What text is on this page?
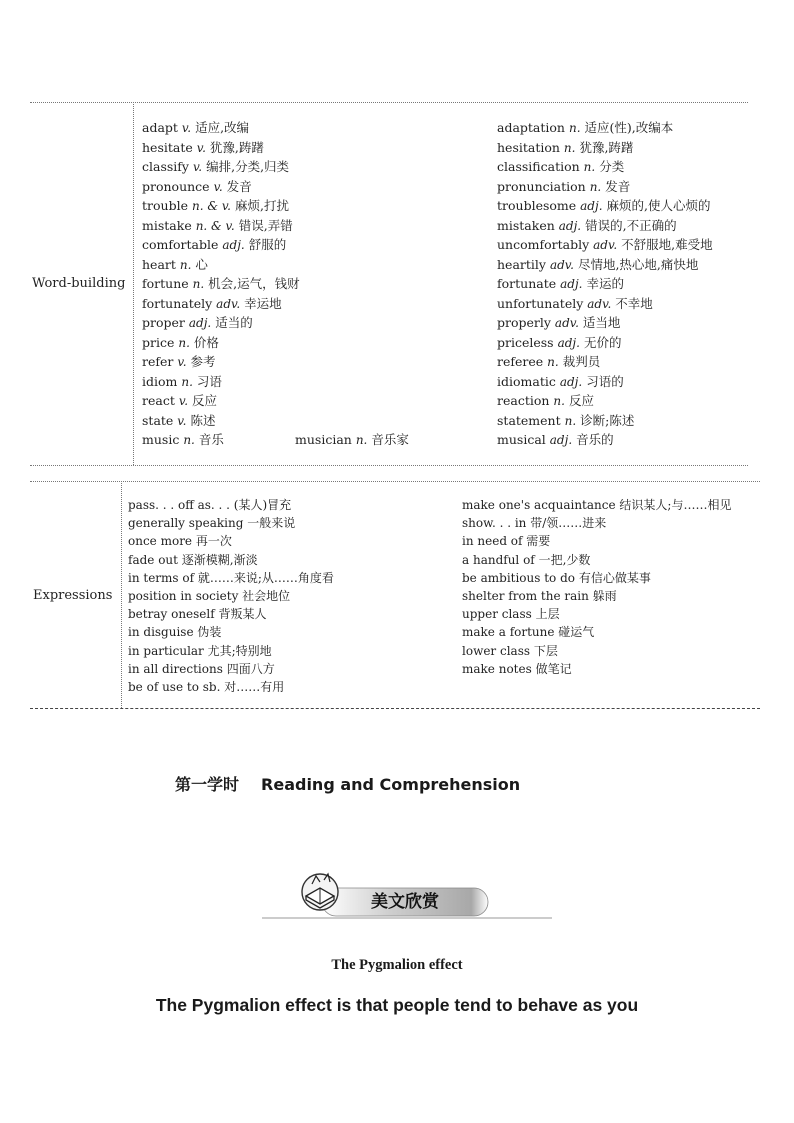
Word-building
adapt v. 适应,改编
hesitate v. 犹豫,踌躇
classify v. 编排,分类,归类
pronounce v. 发音
trouble n. & v. 麻烦,打扰
mistake n. & v. 错误,弄错
comfortable adj. 舒服的
heart n. 心
fortune n. 机会,运气，钱财
fortunately adv. 幸运地
proper adj. 适当的
price n. 价格
refer v. 参考
idiom n. 习语
react v. 反应
state v. 陈述
music n. 音乐
adaptation n. 适应(性),改编本
hesitation n. 犹豫,踌躇
classification n. 分类
pronunciation n. 发音
troublesome adj. 麻烦的,使人心烦的
mistaken adj. 错误的,不正确的
uncomfortably adv. 不舒服地,难受地
heartily adv. 尽情地,热心地,痛快地
fortunate adj. 幸运的
unfortunately adv. 不幸地
properly adv. 适当地
priceless adj. 无价的
referee n. 裁判员
idiomatic adj. 习语的
reaction n. 反应
statement n. 诊断;陈述
musical adj. 音乐的
musician n. 音乐家
Expressions
pass. . . off as. . . (某人)冒充
generally speaking 一般来说
once more 再一次
fade out 逐渐模糊,渐淡
in terms of 就……来说;从……角度看
position in society 社会地位
betray oneself 背叛某人
in disguise 伪装
in particular 尤其;特别地
in all directions 四面八方
be of use to sb. 对……有用
make one's acquaintance 结识某人;与……相见
show. . . in 带/领……进来
in need of 需要
a handful of 一把,少数
be ambitious to do 有信心做某事
shelter from the rain 躲雨
upper class 上层
make a fortune 碰运气
lower class 下层
make notes 做笔记
第一学时 Reading and Comprehension
美文欣赏
The Pygmalion effect
The Pygmalion effect is that people tend to behave as you
